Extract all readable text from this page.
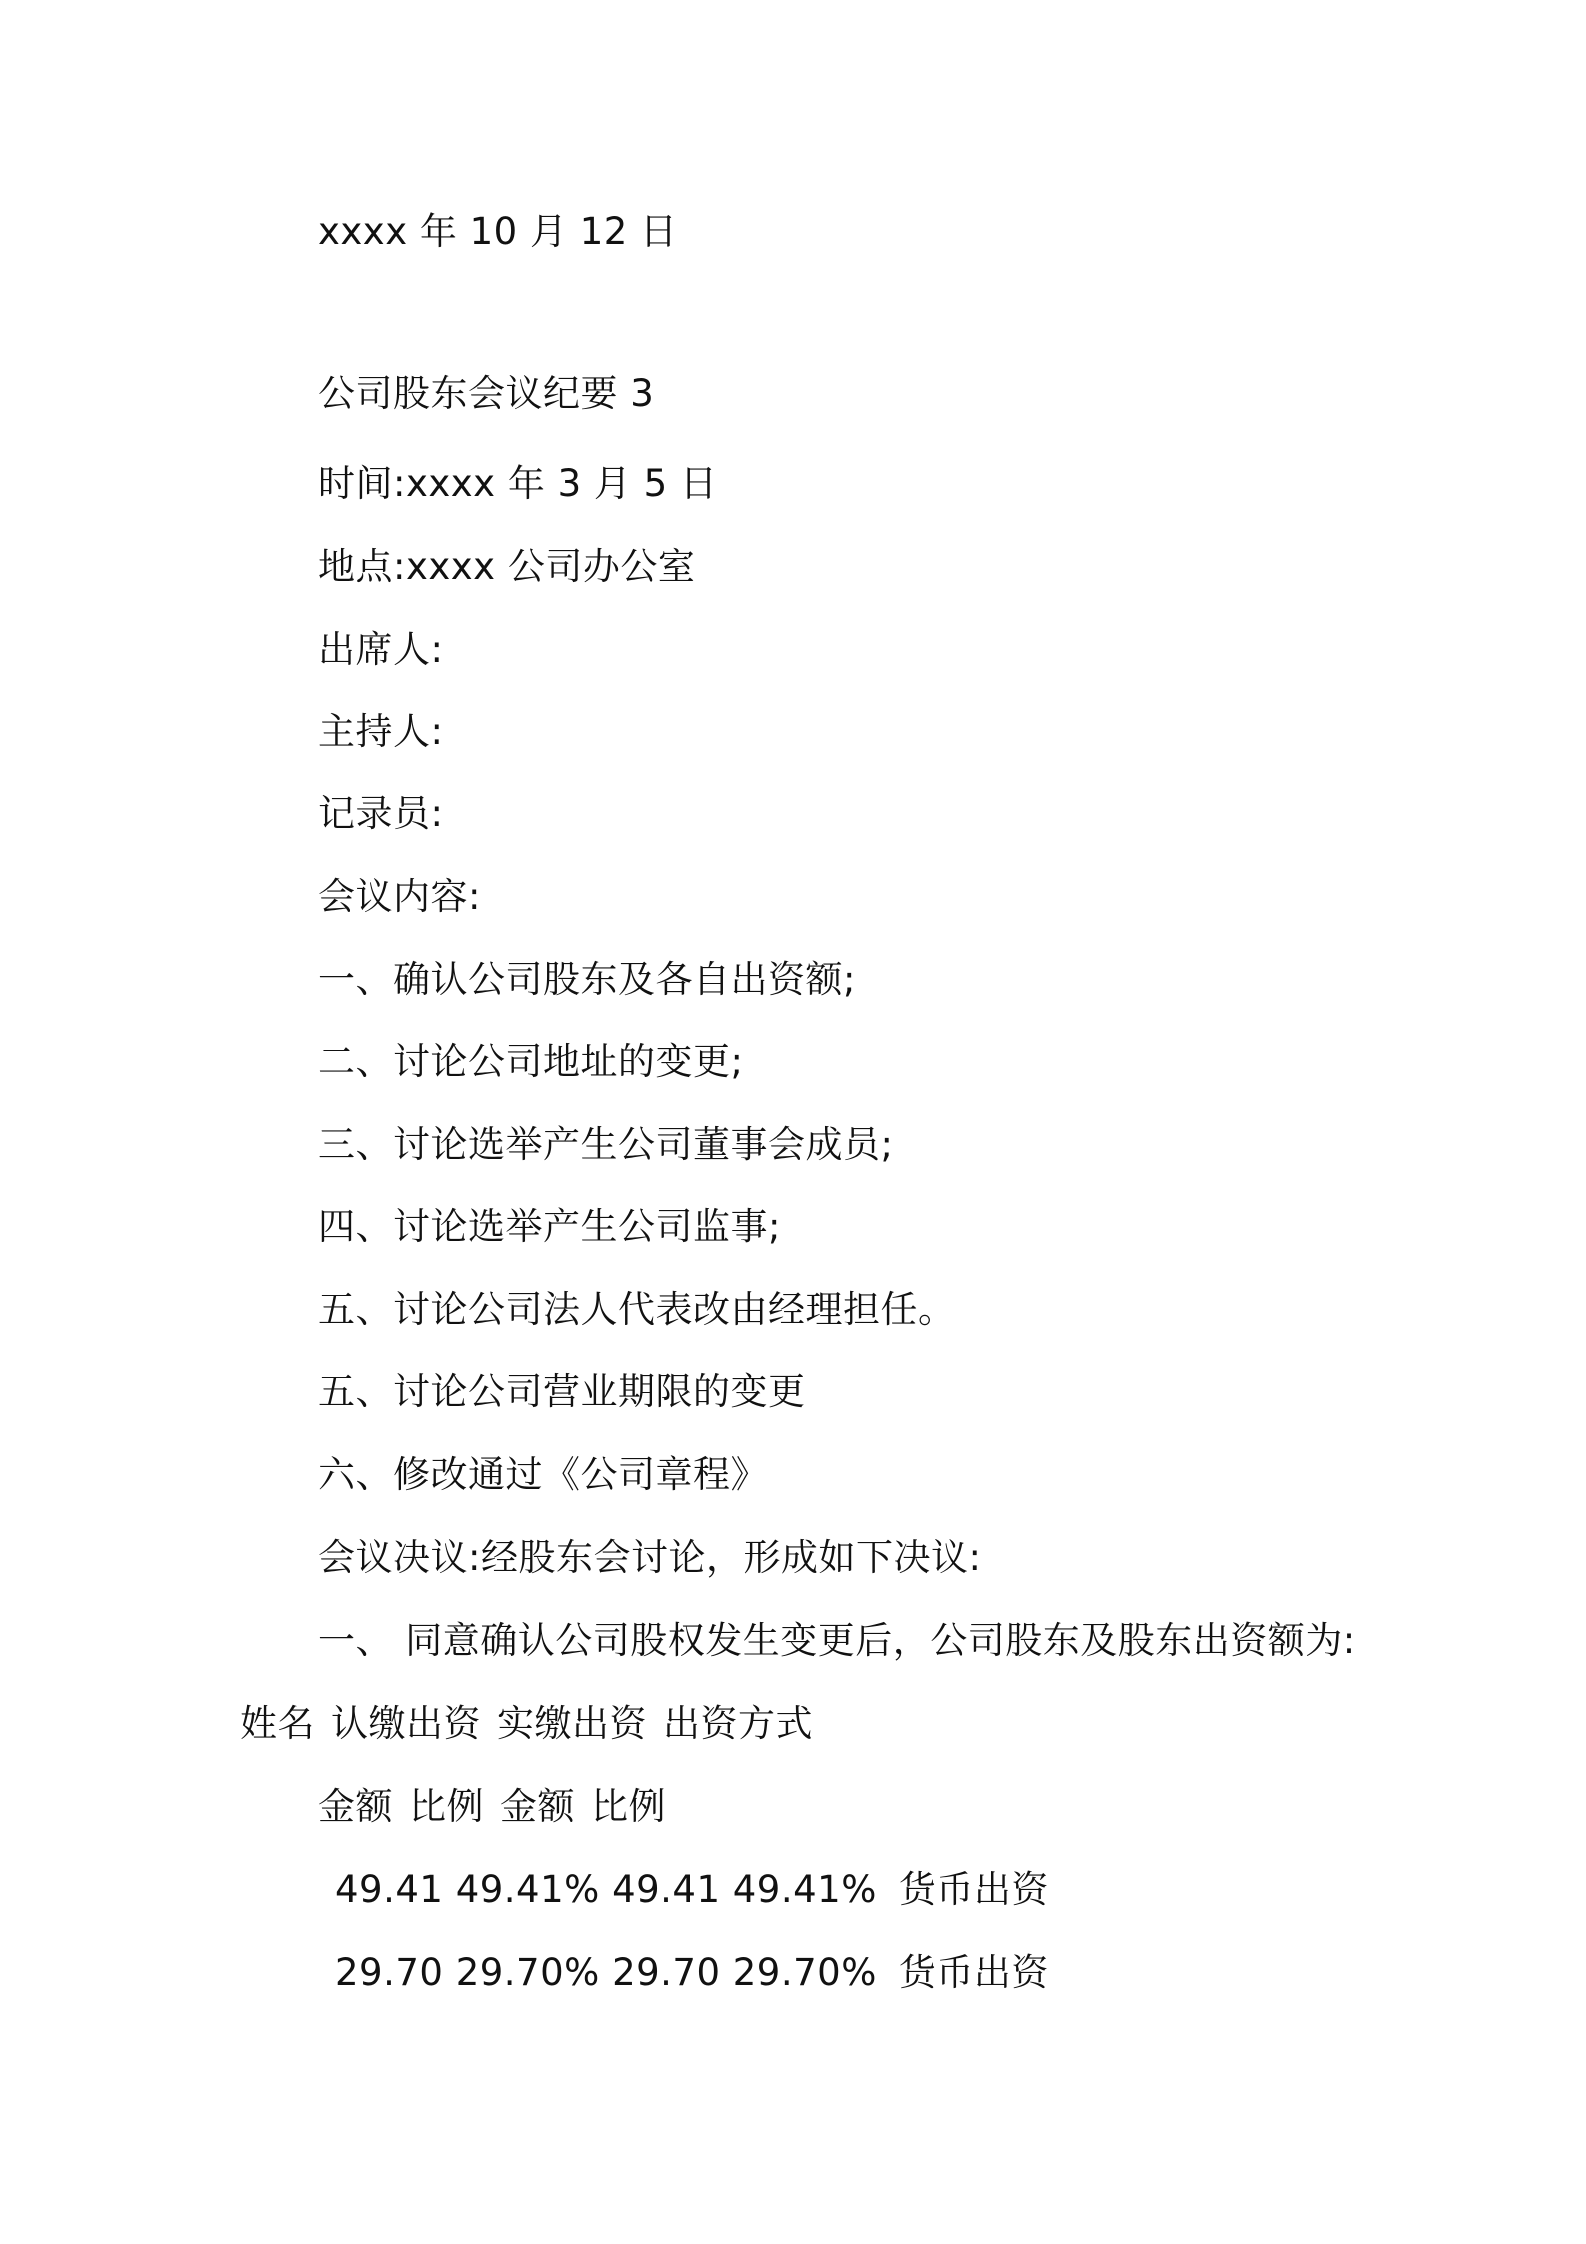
xxxx 年 10 月 12 日
公司股东会议纪要 3
时间:xxxx 年 3 月 5 日
地点:xxxx 公司办公室
出席人:
主持人:
记录员:
会议内容:
一、确认公司股东及各自出资额;
二、讨论公司地址的变更;
三、讨论选举产生公司董事会成员;
四、讨论选举产生公司监事;
五、讨论公司法人代表改由经理担任。
五、讨论公司营业期限的变更
六、修改通过《公司章程》
会议决议:经股东会讨论，形成如下决议:
一、 同意确认公司股权发生变更后，公司股东及股东出资额为:
姓名 认缴出资 实缴出资 出资方式
金额 比例 金额 比例
49.41 49.41% 49.41 49.41% 货币出资
29.70 29.70% 29.70 29.70% 货币出资
